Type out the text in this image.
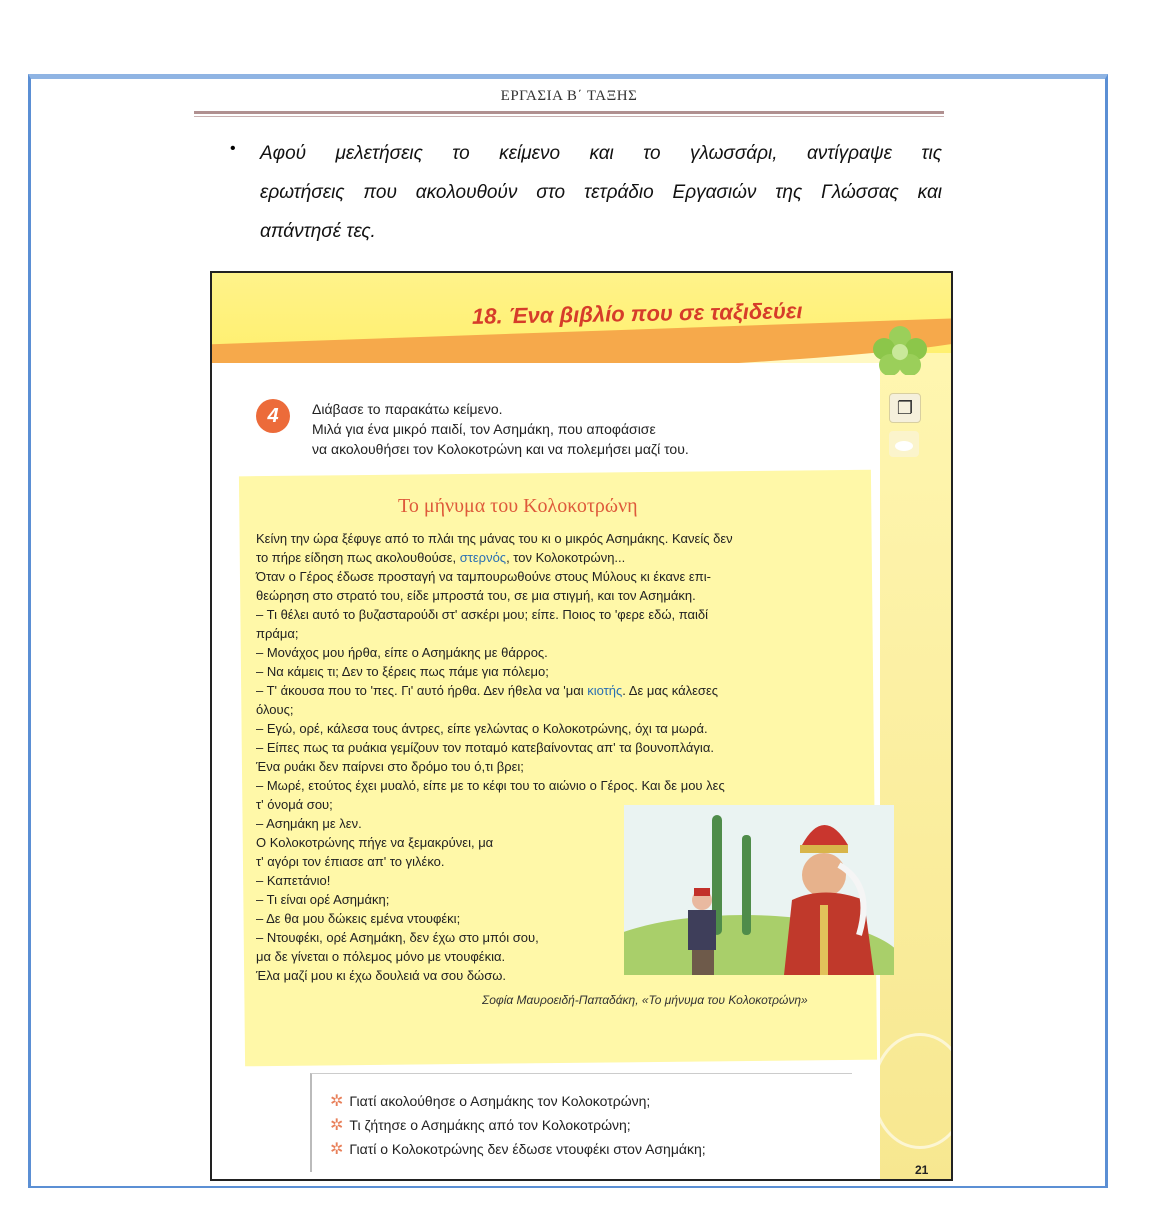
ΕΡΓΑΣΙΑ Β΄ ΤΑΞΗΣ
• Αφού μελετήσεις το κείμενο και το γλωσσάρι, αντίγραψε τις
ερωτήσεις που ακολουθούν στο τετράδιο Εργασιών της Γλώσσας και
απάντησέ τες.
18. Ένα βιβλίο που σε ταξιδεύει
❐
4	Διάβασε το παρακάτω κείμενο.
Μιλά για ένα μικρό παιδί, τον Ασημάκη, που αποφάσισε
να ακολουθήσει τον Κολοκοτρώνη και να πολεμήσει μαζί του.
Το μήνυμα του Κολοκοτρώνη
Κείνη την ώρα ξέφυγε από το πλάι της μάνας του κι ο μικρός Ασημάκης. Κανείς δεν
το πήρε είδηση πως ακολουθούσε, στερνός, τον Κολοκοτρώνη...
Όταν ο Γέρος έδωσε προσταγή να ταμπουρωθούνε στους Μύλους κι έκανε επι-
θεώρηση στο στρατό του, είδε μπροστά του, σε μια στιγμή, και τον Ασημάκη.
– Τι θέλει αυτό το βυζασταρούδι στ' ασκέρι μου; είπε. Ποιος το 'φερε εδώ, παιδί
πράμα;
– Μονάχος μου ήρθα, είπε ο Ασημάκης με θάρρος.
– Να κάμεις τι; Δεν το ξέρεις πως πάμε για πόλεμο;
– Τ' άκουσα που το 'πες. Γι' αυτό ήρθα. Δεν ήθελα να 'μαι κιοτής. Δε μας κάλεσες
όλους;
– Εγώ, ορέ, κάλεσα τους άντρες, είπε γελώντας ο Κολοκοτρώνης, όχι τα μωρά.
– Είπες πως τα ρυάκια γεμίζουν τον ποταμό κατεβαίνοντας απ' τα βουνοπλάγια.
Ένα ρυάκι δεν παίρνει στο δρόμο του ό,τι βρει;
– Μωρέ, ετούτος έχει μυαλό, είπε με το κέφι του το αιώνιο ο Γέρος. Και δε μου λες
τ' όνομά σου;
– Ασημάκη με λεν.
Ο Κολοκοτρώνης πήγε να ξεμακρύνει, μα
τ' αγόρι τον έπιασε απ' το γιλέκο.
– Καπετάνιο!
– Τι είναι ορέ Ασημάκη;
– Δε θα μου δώκεις εμένα ντουφέκι;
– Ντουφέκι, ορέ Ασημάκη, δεν έχω στο μπόι σου,
μα δε γίνεται ο πόλεμος μόνο με ντουφέκια.
Έλα μαζί μου κι έχω δουλειά να σου δώσω.
Σοφία Μαυροειδή-Παπαδάκη, «Το μήνυμα του Κολοκοτρώνη»
✲ Γιατί ακολούθησε ο Ασημάκης τον Κολοκοτρώνη;
✲ Τι ζήτησε ο Ασημάκης από τον Κολοκοτρώνη;
✲ Γιατί ο Κολοκοτρώνης δεν έδωσε ντουφέκι στον Ασημάκη;
21
